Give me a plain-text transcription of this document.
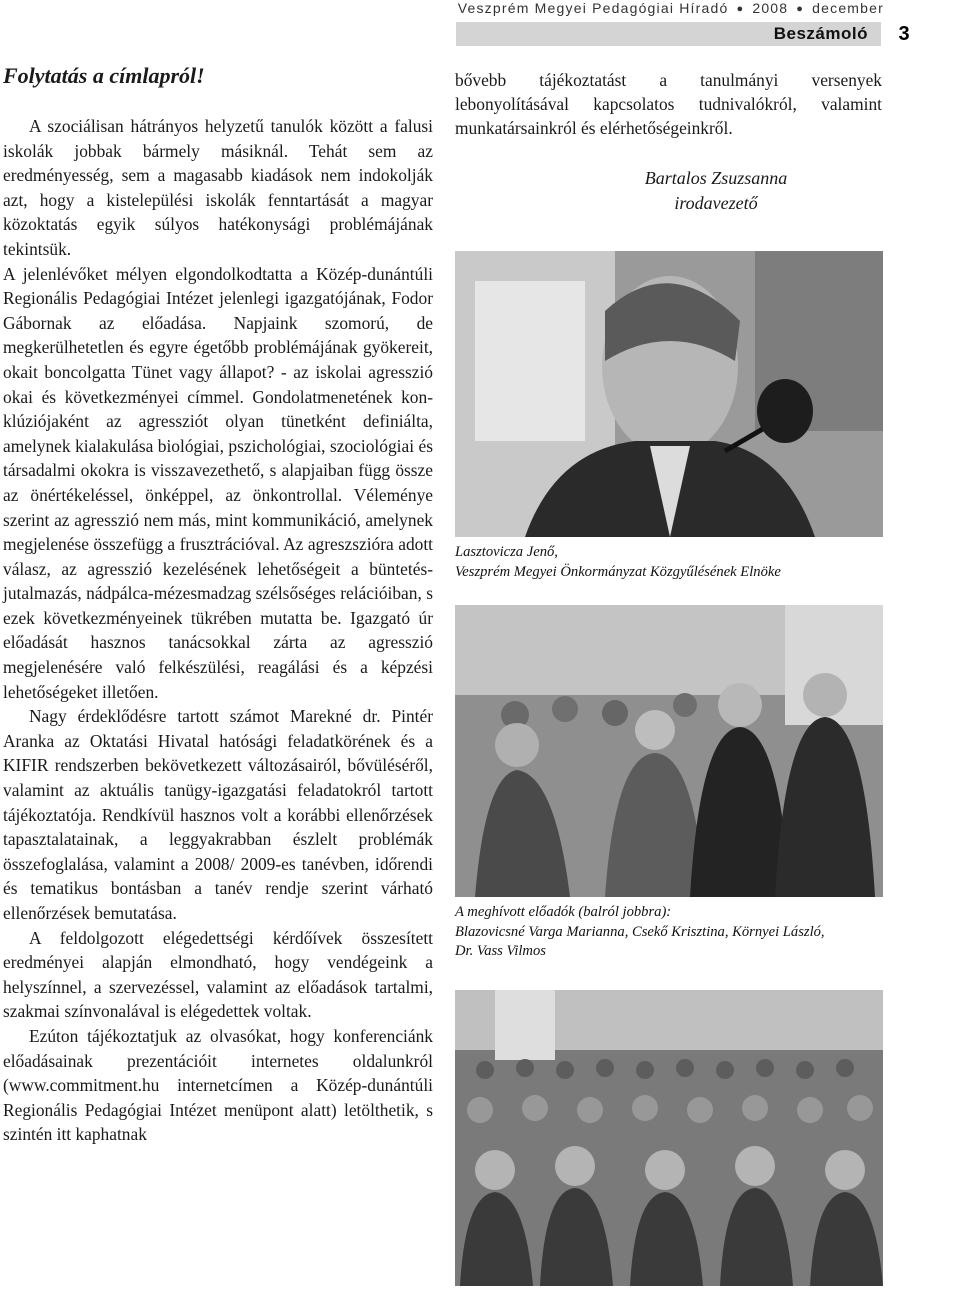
Veszprém Megyei Pedagógiai Híradó ● 2008 ● december
Beszámoló	3
Folytatás a címlapról!

A szociálisan hátrányos helyzetű tanulók között a falusi iskolák jobbak bármely másiknál. Tehát sem az eredményesség, sem a magasabb kiadások nem indokolják azt, hogy a kistelepülési iskolák fenntartását a magyar közoktatás egyik súlyos hatékonysági problémájának tekintsük.

A jelenlévőket mélyen elgondolkodtatta a Közép-dunántúli Regionális Pedagógiai Intézet jelenlegi igazgatójának, Fodor Gábornak az előadása. Napjaink szomorú, de megkerülhetetlen és egyre égetőbb problémájának gyökereit, okait boncolgatta Tünet vagy állapot? - az iskolai agresszió okai és következményei címmel. Gondolatmenetének konklúziójaként az agressziót olyan tünetként definiálta, amelynek kialakulása biológiai, pszichológiai, szociológiai és társadalmi okokra is visszavezethető, s alapjaiban függ össze az önértékeléssel, önképpel, az önkontrollal. Véleménye szerint az agresszió nem más, mint kommunikáció, amelynek megjelenése összefügg a frusztrációval. Az agreszszióra adott válasz, az agresszió kezelésének lehetőségeit a büntetés-jutalmazás, nádpálca-mézesmadzag szélsőséges relációiban, s ezek következményeinek tükrében mutatta be. Igazgató úr előadását hasznos tanácsokkal zárta az agresszió megjelenésére való felkészülési, reagálási és a képzési lehetőségeket illetően.

Nagy érdeklődésre tartott számot Marekné dr. Pintér Aranka az Oktatási Hivatal hatósági feladatkörének és a KIFIR rendszerben bekövetkezett változásairól, bővüléséről, valamint az aktuális tanügy-igazgatási feladatokról tartott tájékoztatója. Rendkívül hasznos volt a korábbi ellenőrzések tapasztalatainak, a leggyakrabban észlelt problémák összefoglalása, valamint a 2008/ 2009-es tanévben, időrendi és tematikus bontásban a tanév rendje szerint várható ellenőrzések bemutatása.

A feldolgozott elégedettségi kérdőívek összesített eredményei alapján elmondható, hogy vendégeink a helyszínnel, a szervezéssel, valamint az előadások tartalmi, szakmai színvonalával is elégedettek voltak.

Ezúton tájékoztatjuk az olvasókat, hogy konferenciánk előadásainak prezentációit internetes oldalunkról (www.commitment.hu internetcímen a Közép-dunántúli Regionális Pedagógiai Intézet menüpont alatt) letölthetik, s szintén itt kaphatnak

bővebb tájékoztatást a tanulmányi versenyek lebonyolításával kapcsolatos tudnivalókról, valamint munkatársainkról és elérhetőségeinkről.

Bartalos Zsuzsanna
irodavezető
Lasztovicza Jenő,
Veszprém Megyei Önkormányzat Közgyűlésének Elnöke
A meghívott előadók (balról jobbra):
Blazovicsné Varga Marianna, Csekő Krisztina, Környei László,
Dr. Vass Vilmos
